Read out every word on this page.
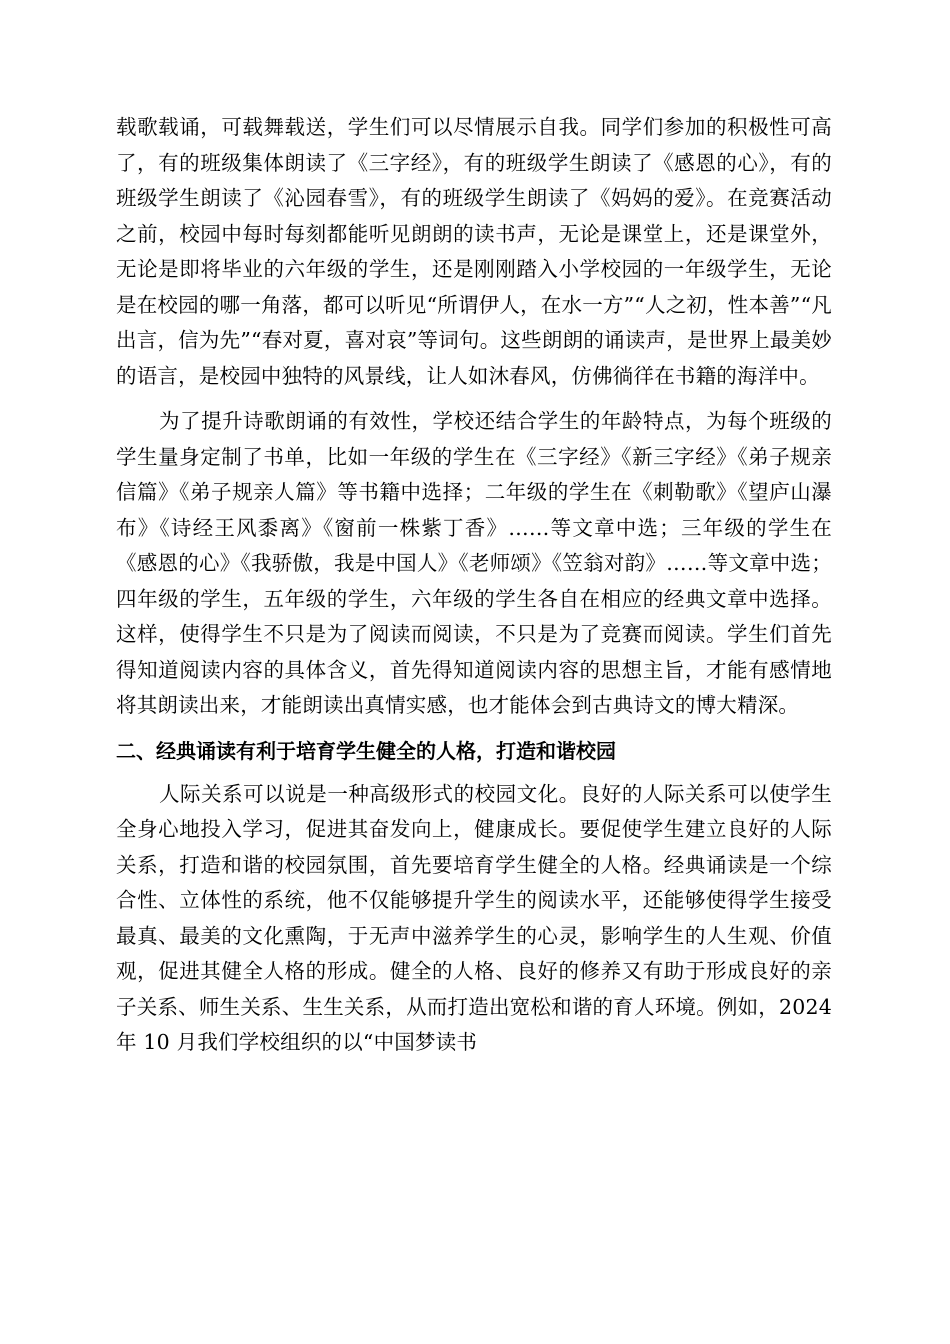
载歌载诵，可载舞载送，学生们可以尽情展示自我。同学们参加的积极性可高了，有的班级集体朗读了《三字经》，有的班级学生朗读了《感恩的心》，有的班级学生朗读了《沁园春雪》，有的班级学生朗读了《妈妈的爱》。在竞赛活动之前，校园中每时每刻都能听见朗朗的读书声，无论是课堂上，还是课堂外，无论是即将毕业的六年级的学生，还是刚刚踏入小学校园的一年级学生，无论是在校园的哪一角落，都可以听见“所谓伊人，在水一方”“人之初，性本善”“凡出言，信为先”“春对夏，喜对哀”等词句。这些朗朗的诵读声，是世界上最美妙的语言，是校园中独特的风景线，让人如沐春风，仿佛徜徉在书籍的海洋中。

为了提升诗歌朗诵的有效性，学校还结合学生的年龄特点，为每个班级的学生量身定制了书单，比如一年级的学生在《三字经》《新三字经》《弟子规亲信篇》《弟子规亲人篇》等书籍中选择；二年级的学生在《刺勒歌》《望庐山瀑布》《诗经王风黍离》《窗前一株紫丁香》……等文章中选；三年级的学生在《感恩的心》《我骄傲，我是中国人》《老师颂》《笠翁对韵》……等文章中选；四年级的学生，五年级的学生，六年级的学生各自在相应的经典文章中选择。这样，使得学生不只是为了阅读而阅读，不只是为了竞赛而阅读。学生们首先得知道阅读内容的具体含义，首先得知道阅读内容的思想主旨，才能有感情地将其朗读出来，才能朗读出真情实感，也才能体会到古典诗文的博大精深。

二、经典诵读有利于培育学生健全的人格，打造和谐校园

人际关系可以说是一种高级形式的校园文化。良好的人际关系可以使学生全身心地投入学习，促进其奋发向上，健康成长。要促使学生建立良好的人际关系，打造和谐的校园氛围，首先要培育学生健全的人格。经典诵读是一个综合性、立体性的系统，他不仅能够提升学生的阅读水平，还能够使得学生接受最真、最美的文化熏陶，于无声中滋养学生的心灵，影响学生的人生观、价值观，促进其健全人格的形成。健全的人格、良好的修养又有助于形成良好的亲子关系、师生关系、生生关系，从而打造出宽松和谐的育人环境。例如，2024 年 10 月我们学校组织的以“中国梦读书
